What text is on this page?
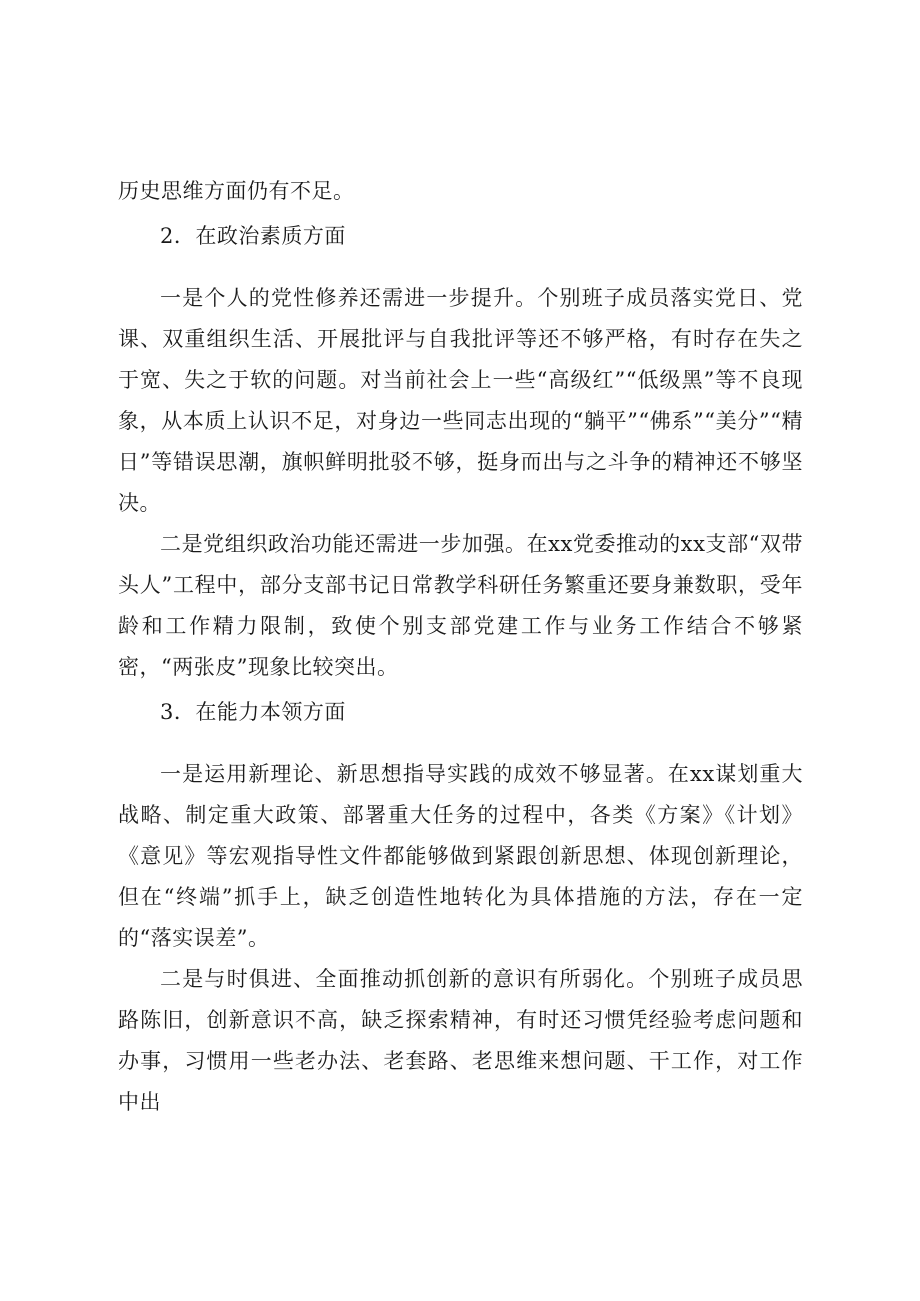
历史思维方面仍有不足。

2．在政治素质方面

一是个人的党性修养还需进一步提升。个别班子成员落实党日、党课、双重组织生活、开展批评与自我批评等还不够严格，有时存在失之于宽、失之于软的问题。对当前社会上一些“高级红”“低级黑”等不良现象，从本质上认识不足，对身边一些同志出现的“躺平”“佛系”“美分”“精日”等错误思潮，旗帜鲜明批驳不够，挺身而出与之斗争的精神还不够坚决。

二是党组织政治功能还需进一步加强。在xx党委推动的xx支部“双带头人”工程中，部分支部书记日常教学科研任务繁重还要身兼数职，受年龄和工作精力限制，致使个别支部党建工作与业务工作结合不够紧密，“两张皮”现象比较突出。

3．在能力本领方面

一是运用新理论、新思想指导实践的成效不够显著。在xx谋划重大战略、制定重大政策、部署重大任务的过程中，各类《方案》《计划》《意见》等宏观指导性文件都能够做到紧跟创新思想、体现创新理论，但在“终端”抓手上，缺乏创造性地转化为具体措施的方法，存在一定的“落实误差”。

二是与时俱进、全面推动抓创新的意识有所弱化。个别班子成员思路陈旧，创新意识不高，缺乏探索精神，有时还习惯凭经验考虑问题和办事，习惯用一些老办法、老套路、老思维来想问题、干工作，对工作中出
